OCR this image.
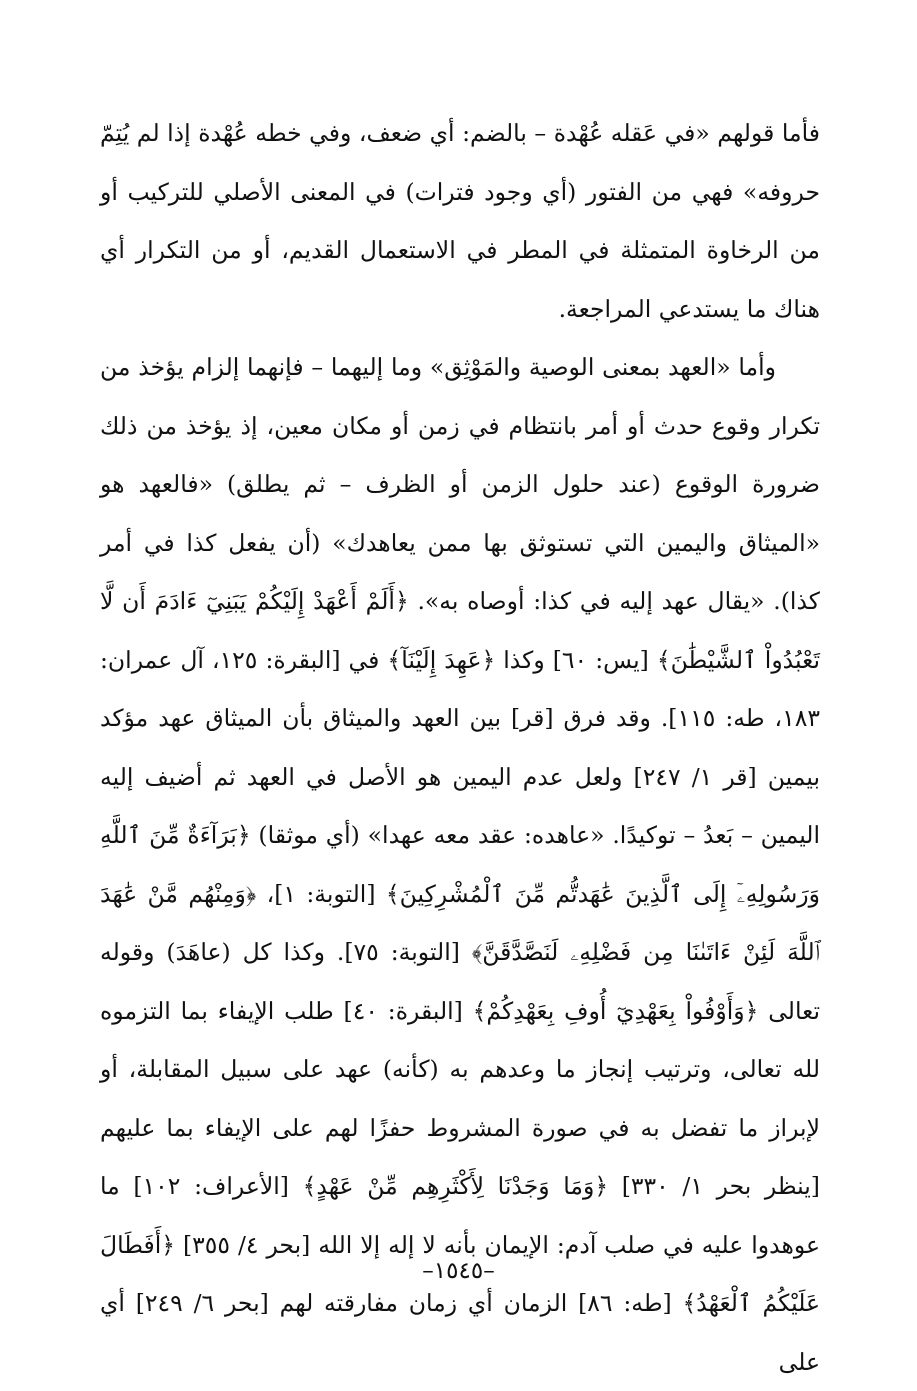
فأما قولهم «في عَقله عُهْدة – بالضم: أي ضعف، وفي خطه عُهْدة إذا لم يُتِمّ حروفه» فهي من الفتور (أي وجود فترات) في المعنى الأصلي للتركيب أو من الرخاوة المتمثلة في المطر في الاستعمال القديم، أو من التكرار أي هناك ما يستدعي المراجعة.

وأما «العهد بمعنى الوصية والمَوْثِق» وما إليهما – فإنهما إلزام يؤخذ من تكرار وقوع حدث أو أمر بانتظام في زمن أو مكان معين، إذ يؤخذ من ذلك ضرورة الوقوع (عند حلول الزمن أو الظرف – ثم يطلق) «فالعهد هو «الميثاق واليمين التي تستوثق بها ممن يعاهدك» (أن يفعل كذا في أمر كذا). «يقال عهد إليه في كذا: أوصاه به». ﴿أَلَمْ أَعْهَدْ إِلَيْكُمْ يَبَنِيٓ ءَادَمَ أَن لَّا تَعْبُدُواْ ٱلشَّيْطَٰنَ﴾ [يس: ٦٠] وكذا ﴿عَهِدَ إِلَيْنَآ﴾ في [البقرة: ١٢٥، آل عمران: ١٨٣، طه: ١١٥]. وقد فرق [قر] بين العهد والميثاق بأن الميثاق عهد مؤكد بيمين [قر ١/ ٢٤٧] ولعل عدم اليمين هو الأصل في العهد ثم أضيف إليه اليمين – بَعدُ – توكيدًا. «عاهده: عقد معه عهدا» (أي موثقا) ﴿بَرَآءَةٌ مِّنَ ٱللَّهِ وَرَسُولِهِۦٓ إِلَى ٱلَّذِينَ عَٰهَدتُّم مِّنَ ٱلْمُشْرِكِينَ﴾ [التوبة: ١]، ﴿وَمِنْهُم مَّنْ عَٰهَدَ ٱللَّهَ لَئِنْ ءَاتَىٰنَا مِن فَضْلِهِۦ لَنَصَّدَّقَنَّ﴾ [التوبة: ٧٥]. وكذا كل (عاهَدَ) وقوله تعالى ﴿وَأَوْفُواْ بِعَهْدِيٓ أُوفِ بِعَهْدِكُمْ﴾ [البقرة: ٤٠] طلب الإيفاء بما التزموه لله تعالى، وترتيب إنجاز ما وعدهم به (كأنه) عهد على سبيل المقابلة، أو لإبراز ما تفضل به في صورة المشروط حفزًا لهم على الإيفاء بما عليهم [ينظر بحر ١/ ٣٣٠] ﴿وَمَا وَجَدْنَا لِأَكْثَرِهِم مِّنْ عَهْدٍ﴾ [الأعراف: ١٠٢] ما عوهدوا عليه في صلب آدم: الإيمان بأنه لا إله إلا الله [بحر ٤/ ٣٥٥] ﴿أَفَطَالَ عَلَيْكُمُ ٱلْعَهْدُ﴾ [طه: ٨٦] الزمان أي زمان مفارقته لهم [بحر ٦/ ٢٤٩] أي على

–١٥٤٥–
